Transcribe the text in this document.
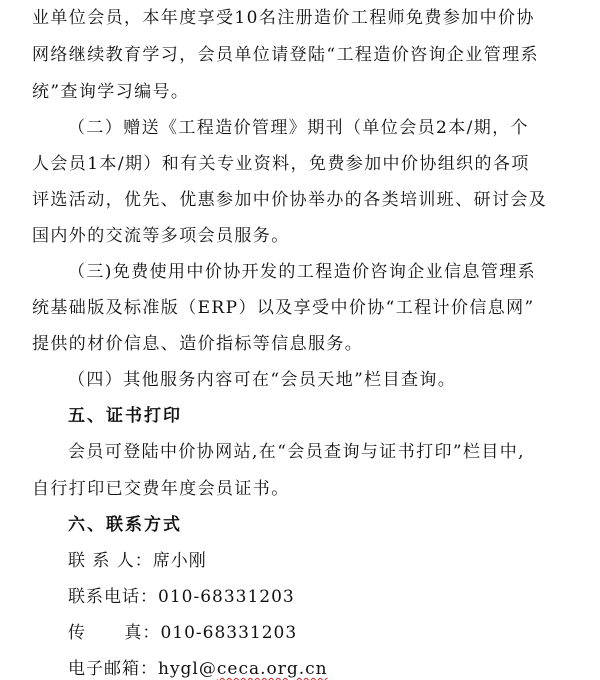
业单位会员，本年度享受10名注册造价工程师免费参加中价协
网络继续教育学习，会员单位请登陆“工程造价咨询企业管理系
统”查询学习编号。
（二）赠送《工程造价管理》期刊（单位会员2本/期，个
人会员1本/期）和有关专业资料，免费参加中价协组织的各项
评选活动，优先、优惠参加中价协举办的各类培训班、研讨会及
国内外的交流等多项会员服务。
（三)免费使用中价协开发的工程造价咨询企业信息管理系
统基础版及标准版（ERP）以及享受中价协“工程计价信息网”
提供的材价信息、造价指标等信息服务。
（四）其他服务内容可在“会员天地”栏目查询。
五、证书打印
会员可登陆中价协网站,在“会员查询与证书打印”栏目中,
自行打印已交费年度会员证书。
六、联系方式
联 系 人：席小刚
联系电话：010-68331203
传      真：010-68331203
电子邮箱：hygl@ceca.org.cn
